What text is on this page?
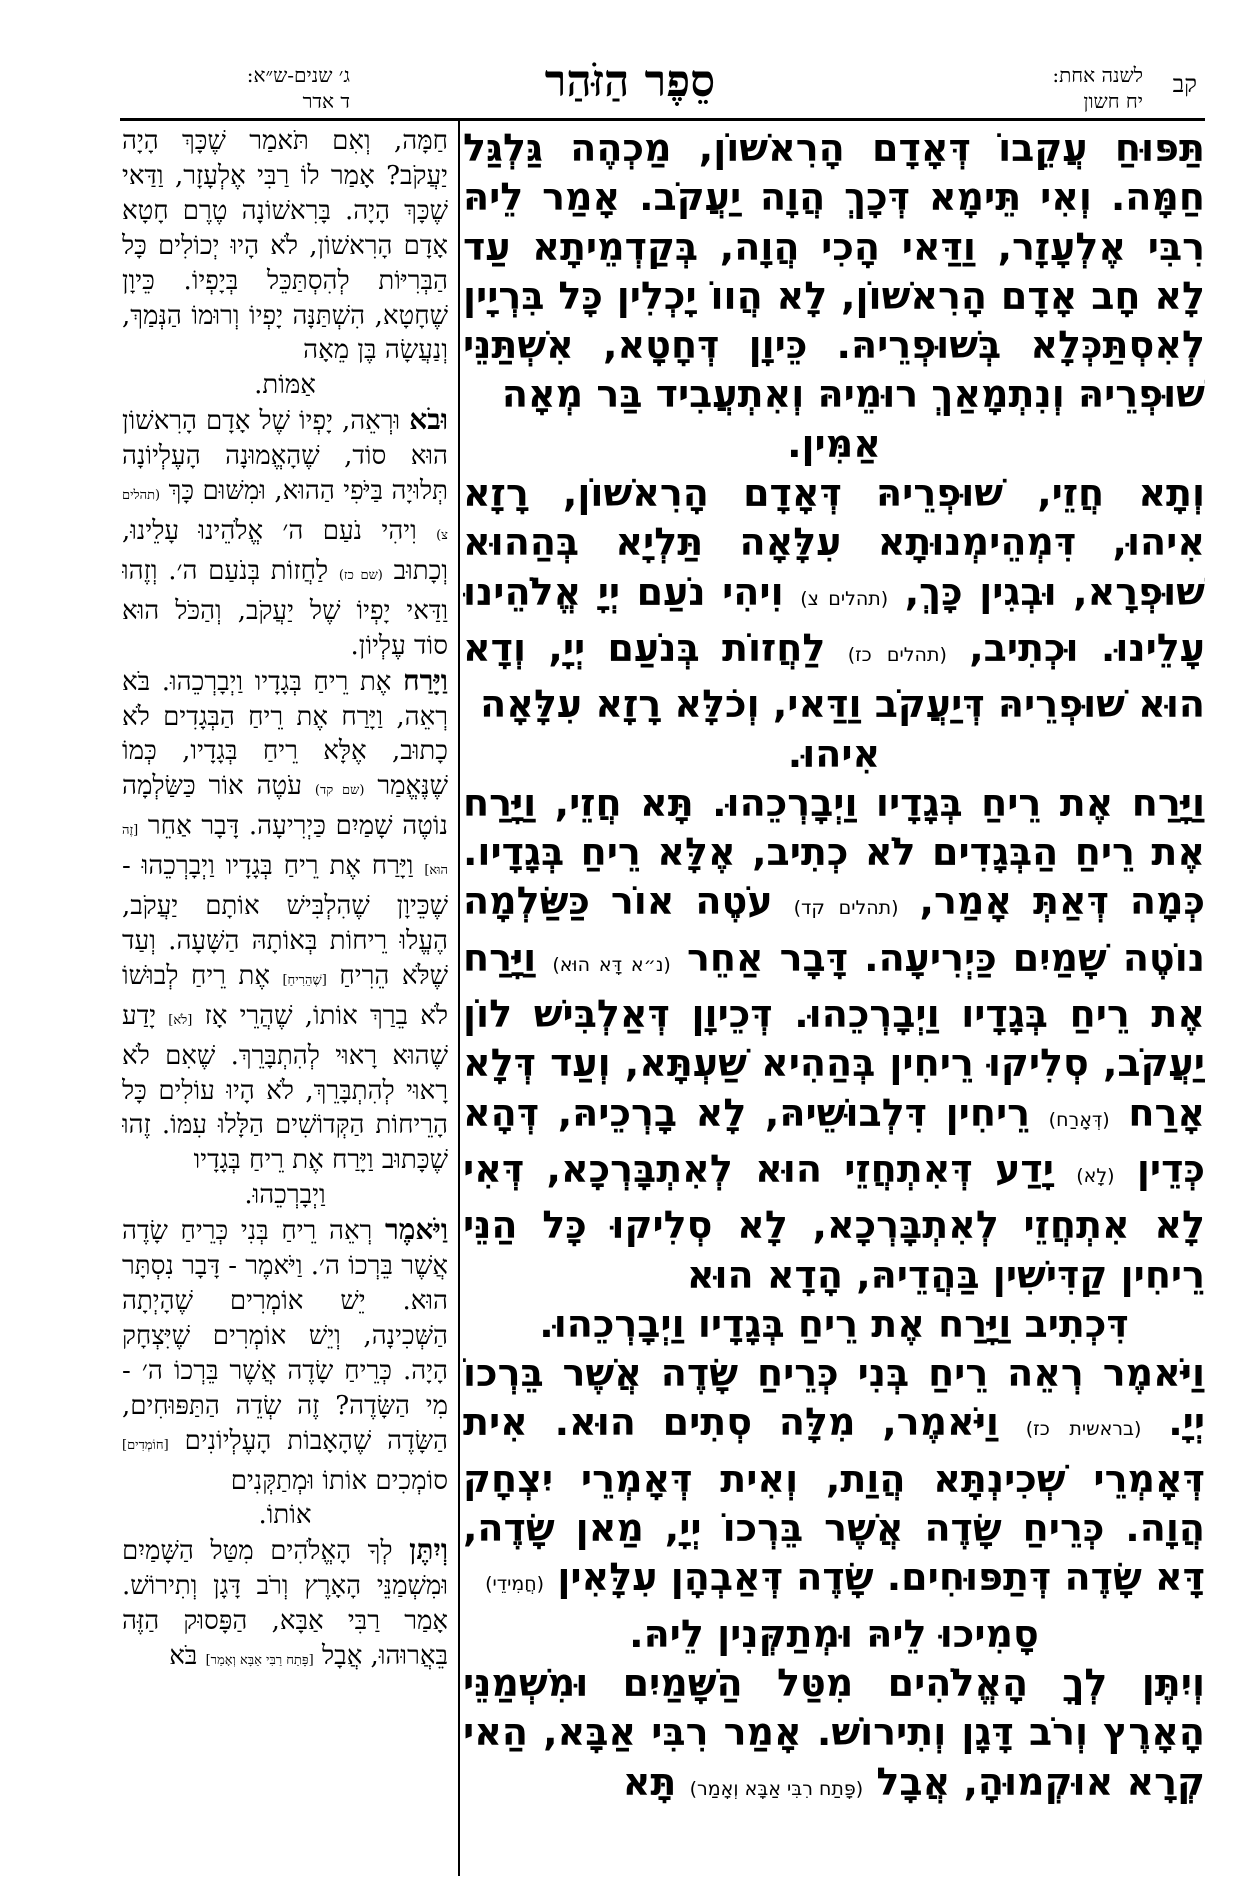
קב
לשנה אחת:
יח חשון
סֵפֶר הַזֹּהַר
ג׳ שנים-ש״א:
ד אדר

תַּפּוּחַ עֲקֵבוֹ דְּאָדָם הָרִאשׁוֹן, מַכְהֶה גַּלְגַּל חַמָּה. וְאִי תֵּימָא דְּכָךְ הֲוָה יַעֲקֹב. אָמַר לֵיהּ רִבִּי אֶלְעָזָר, וַדַּאי הָכִי הֲוָה, בְּקַדְמֵיתָא עַד לָא חָב אָדָם הָרִאשׁוֹן, לָא הֲווֹ יָכְלִין כָּל בִּרְיָין לְאִסְתַּכְּלָא בְּשׁוּפְרֵיהּ. כֵּיוָן דְּחָטָא, אִשְׁתַּנֵּי שׁוּפְרֵיהּ וְנִתְמָאַךְ רוּמֵיהּ וְאִתְעֲבִיד בַּר מְאָה

אַמִּין.

וְתָא חֲזֵי, שׁוּפְרֵיהּ דְּאָדָם הָרִאשׁוֹן, רָזָא אִיהוּ, דִּמְהֵימְנוּתָא עִלָּאָה תַּלְיָא בְּהַהוּא שׁוּפְרָא, וּבְגִין כָּךְ, (תהלים צ) וִיהִי נֹעַם יְיָ אֱלֹהֵינוּ עָלֵינוּ. וּכְתִיב, (תהלים כז) לַחֲזוֹת בְּנֹעַם יְיָ, וְדָא הוּא שׁוּפְרֵיהּ דְּיַעֲקֹב וַדַּאי, וְכֹלָּא רָזָא עִלָּאָה

אִיהוּ.

וַיָּרַח אֶת רֵיחַ בְּגָדָיו וַיְבָרְכֵהוּ. תָּא חֲזֵי, וַיָּרַח אֶת רֵיחַ הַבְּגָדִים לֹא כְתִיב, אֶלָּא רֵיחַ בְּגָדָיו. כְּמָה דְּאַתְּ אָמַר, (תהלים קד) עֹטֶה אוֹר כַּשַּׂלְמָה נוֹטֶה שָׁמַיִם כַּיְרִיעָה. דָּבָר אַחֵר (נ״א דָּא הוּא) וַיָּרַח אֶת רֵיחַ בְּגָדָיו וַיְבָרְכֵהוּ. דְּכֵיוָן דְּאַלְבִּישׁ לוֹן יַעֲקֹב, סְלִיקוּ רֵיחִין בְּהַהִיא שַׁעְתָּא, וְעַד דְּלָא אָרַח (דְּאָרַח) רֵיחִין דִּלְבוּשֵׁיהּ, לָא בָרְכֵיהּ, דְּהָא כְּדֵין (לָא) יָדַע דְּאִתְחֲזֵי הוּא לְאִתְבָּרְכָא, דְּאִי לָא אִתְחֲזֵי לְאִתְבָּרְכָא, לָא סְלִיקוּ כָּל הַנֵּי רֵיחִין קַדִּישִׁין בַּהֲדֵיהּ, הָדָא הוּא

דִּכְתִיב וַיָּרַח אֶת רֵיחַ בְּגָדָיו וַיְבָרְכֵהוּ.

וַיֹּאמֶר רְאֵה רֵיחַ בְּנִי כְּרֵיחַ שָׂדֶה אֲשֶׁר בֵּרְכוֹ יְיָ. (בראשית כז) וַיֹּאמֶר, מִלָּה סְתִים הוּא. אִית דְּאָמְרֵי שְׁכִינְתָּא הֲוַת, וְאִית דְּאָמְרֵי יִצְחָק הֲוָה. כְּרֵיחַ שָׂדֶה אֲשֶׁר בֵּרְכוֹ יְיָ, מַאן שָׂדֶה, דָּא שָׂדֶה דְּתַפּוּחִים. שָׂדֶה דְּאַבְהָן עִלָּאִין (חֲמִידֵי)

סָמִיכוּ לֵיהּ וּמְתַקְּנִין לֵיהּ.

וְיִתֶּן לְךָ הָאֱלֹהִים מִטַּל הַשָּׁמַיִם וּמִשְׁמַנֵּי הָאָרֶץ וְרֹב דָּגָן וְתִירוֹשׁ. אָמַר רִבִּי אַבָּא, הַאי קְרָא אוּקְמוּהָ, אֲבָל (פָּתַח רִבִּי אַבָּא וְאָמַר) תָּא

חַמָּה, וְאִם תֹּאמַר שֶׁכָּךְ הָיָה יַעֲקֹב? אָמַר לוֹ רַבִּי אֶלְעָזָר, וַדַּאי שֶׁכָּךְ הָיָה. בָּרִאשׁוֹנָה טֶרֶם חָטָא אָדָם הָרִאשׁוֹן, לֹא הָיוּ יְכוֹלִים כָּל הַבְּרִיּוֹת לְהִסְתַּכֵּל בְּיָפְיוֹ. כֵּיוָן שֶׁחָטָא, הִשְׁתַּנָּה יָפְיוֹ וְרוּמוֹ הַנְּמַךְ, וְנַעֲשָׂה בֶּן מֵאָה

אַמּוֹת.

וּבֹא וּרְאֵה, יָפְיוֹ שֶׁל אָדָם הָרִאשׁוֹן הוּא סוֹד, שֶׁהָאֱמוּנָה הָעֶלְיוֹנָה תְּלוּיָה בַּיֹּפִי הַהוּא, וּמִשּׁוּם כָּךְ (תהלים צ) וִיהִי נֹעַם ה׳ אֱלֹהֵינוּ עָלֵינוּ, וְכָתוּב (שם כז) לַחֲזוֹת בְּנֹעַם ה׳. וְזֶהוּ וַדַּאי יָפְיוֹ שֶׁל יַעֲקֹב, וְהַכֹּל הוּא סוֹד עֶלְיוֹן.

וַיָּרַח אֶת רֵיחַ בְּגָדָיו וַיְבָרְכֵהוּ. בֹּא רְאֵה, וַיָּרַח אֶת רֵיחַ הַבְּגָדִים לֹא כָתוּב, אֶלָּא רֵיחַ בְּגָדָיו, כְּמוֹ שֶׁנֶּאֱמַר (שם קד) עֹטֶה אוֹר כַּשַּׂלְמָה נוֹטֶה שָׁמַיִם כַּיְרִיעָה. דָּבָר אַחֵר [זֶה הוּא] וַיָּרַח אֶת רֵיחַ בְּגָדָיו וַיְבָרְכֵהוּ - שֶׁכֵּיוָן שֶׁהִלְבִּישׁ אוֹתָם יַעֲקֹב, הֶעֱלוּ רֵיחוֹת בְּאוֹתָהּ הַשָּׁעָה. וְעַד שֶׁלֹּא הֵרִיחַ [שֶׁהֵרִיחַ] אֶת רֵיחַ לְבוּשׁוֹ לֹא בֵרַךְ אוֹתוֹ, שֶׁהֲרֵי אָז [לֹא] יָדַע שֶׁהוּא רָאוּי לְהִתְבָּרֵךְ. שֶׁאִם לֹא רָאוּי לְהִתְבָּרֵךְ, לֹא הָיוּ עוֹלִים כָּל הָרֵיחוֹת הַקְּדוֹשִׁים הַלָּלוּ עִמּוֹ. זֶהוּ שֶׁכָּתוּב וַיָּרַח אֶת רֵיחַ בְּגָדָיו

וַיְבָרְכֵהוּ.

וַיֹּאמֶר רְאֵה רֵיחַ בְּנִי כְּרֵיחַ שָׂדֶה אֲשֶׁר בֵּרְכוֹ ה׳. וַיֹּאמֶר - דָּבָר נִסְתָּר הוּא. יֵשׁ אוֹמְרִים שֶׁהָיְתָה הַשְּׁכִינָה, וְיֵשׁ אוֹמְרִים שֶׁיִּצְחָק הָיָה. כְּרֵיחַ שָׂדֶה אֲשֶׁר בֵּרְכוֹ ה׳ - מִי הַשָּׂדֶה? זֶה שְׂדֵה הַתַּפּוּחִים, הַשָּׂדֶה שֶׁהָאָבוֹת הָעֶלְיוֹנִים [חוֹמְדִים] סוֹמְכִים אוֹתוֹ וּמְתַקְּנִים

אוֹתוֹ.

וְיִתֶּן לְךָ הָאֱלֹהִים מִטַּל הַשָּׁמַיִם וּמִשְׁמַנֵּי הָאָרֶץ וְרֹב דָּגָן וְתִירוֹשׁ. אָמַר רַבִּי אַבָּא, הַפָּסוּק הַזֶּה בֵּאֲרוּהוּ, אֲבָל [פָּתַח רַבִּי אַבָּא וְאָמַר] בֹּא
